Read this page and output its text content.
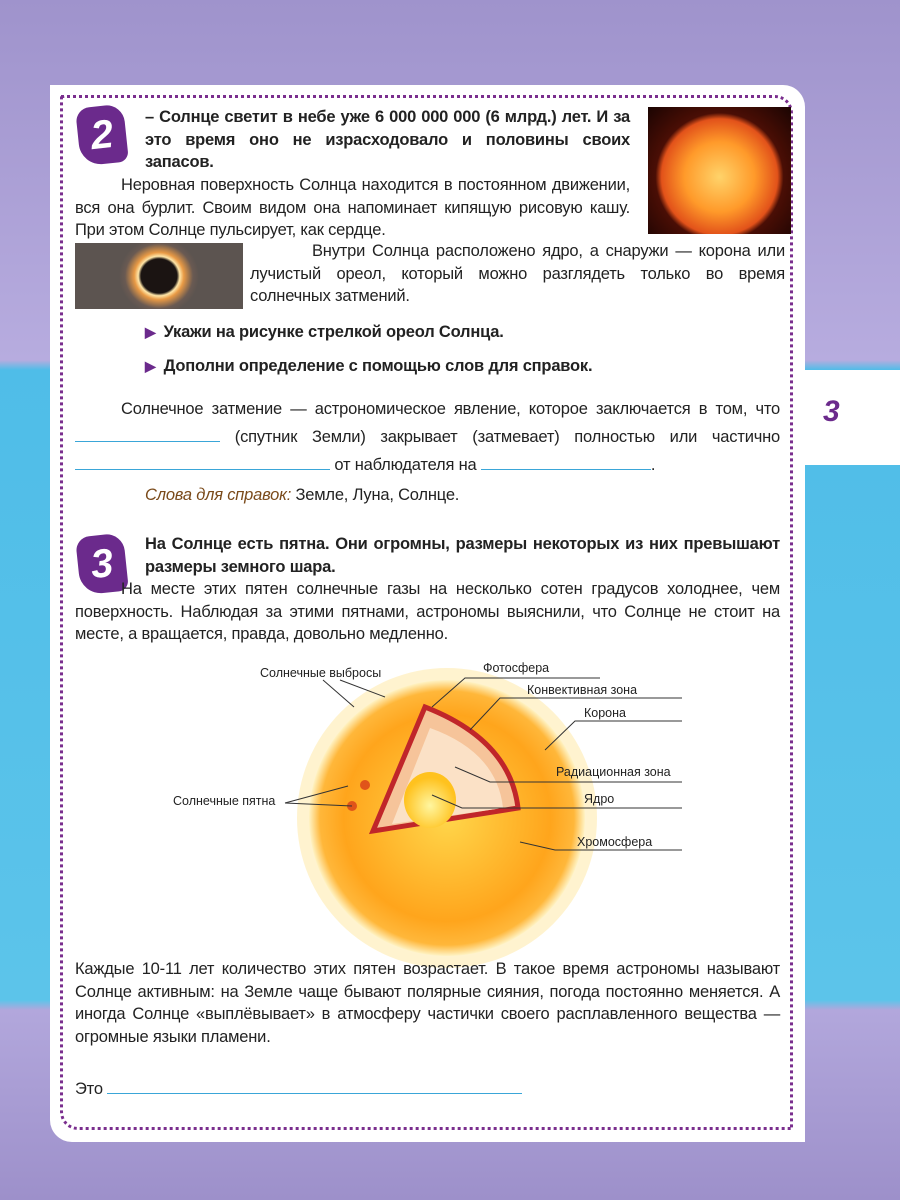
3
2	– Солнце светит в небе уже 6 000 000 000 (6 млрд.) лет. И за это время оно не израсходовало и половины своих запасов.
Неровная поверхность Солнца находится в постоянном движении, вся она бурлит. Своим видом она напоминает кипящую рисовую кашу. При этом Солнце пульсирует, как сердце.
Внутри Солнца расположено ядро, а снаружи — корона или лучистый ореол, который можно разглядеть только во время солнечных затмений.
▶ Укажи на рисунке стрелкой ореол Солнца.
▶ Дополни определение с помощью слов для справок.
Солнечное затмение — астрономическое явление, которое заключается в том, что  (спутник Земли) закрывает (затмевает) полностью или частично  от наблюдателя на	.
Слова для справок: Земле, Луна, Солнце.
3	На Солнце есть пятна. Они огромны, размеры некоторых из них превышают размеры земного шара.
На месте этих пятен солнечные газы на несколько сотен градусов холоднее, чем поверхность. Наблюдая за этими пятнами, астрономы выяснили, что Солнце не стоит на месте, а вращается, правда, довольно медленно.
Солнечные выбросы
Солнечные пятна
Фотосфера
Конвективная зона
Корона
Радиационная зона
Ядро
Хромосфера
Каждые 10-11 лет количество этих пятен возрастает. В такое время астрономы называют Солнце активным: на Земле чаще бывают полярные сияния, погода постоянно меняется. А иногда Солнце «выплёвывает» в атмосферу частички своего расплавленного вещества — огромные языки пламени.
Это
